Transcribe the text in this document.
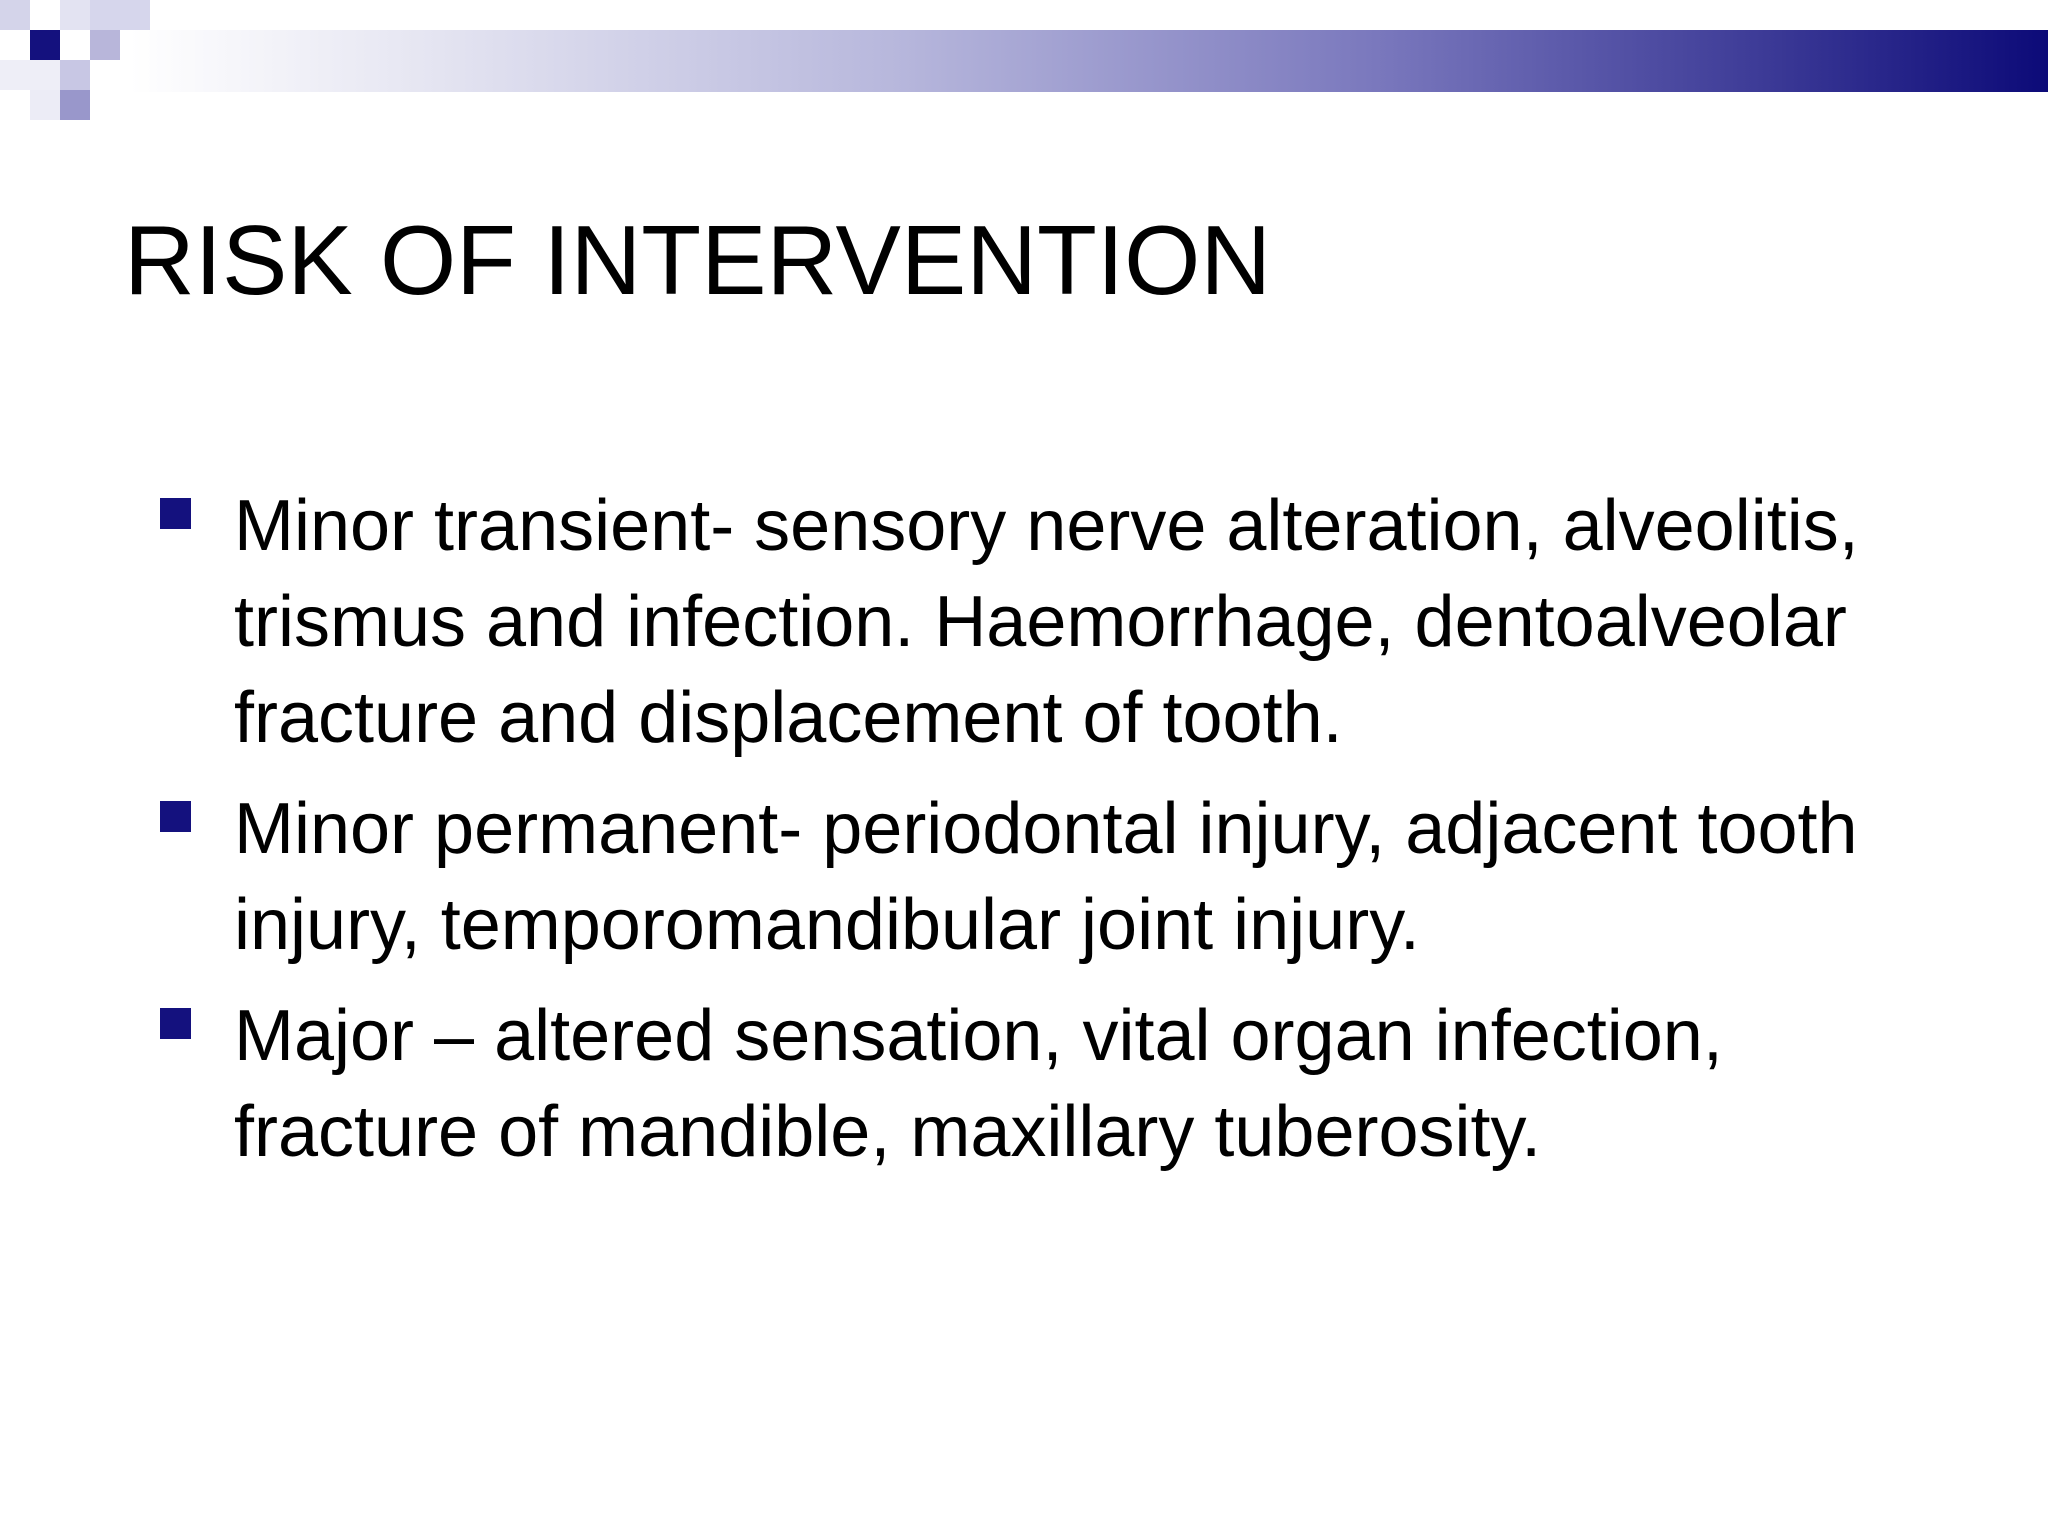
RISK OF INTERVENTION
Minor transient- sensory nerve alteration, alveolitis, trismus and infection. Haemorrhage, dentoalveolar fracture and displacement of tooth.
Minor permanent- periodontal injury, adjacent tooth injury, temporomandibular joint injury.
Major – altered sensation, vital organ infection, fracture of mandible, maxillary tuberosity.
